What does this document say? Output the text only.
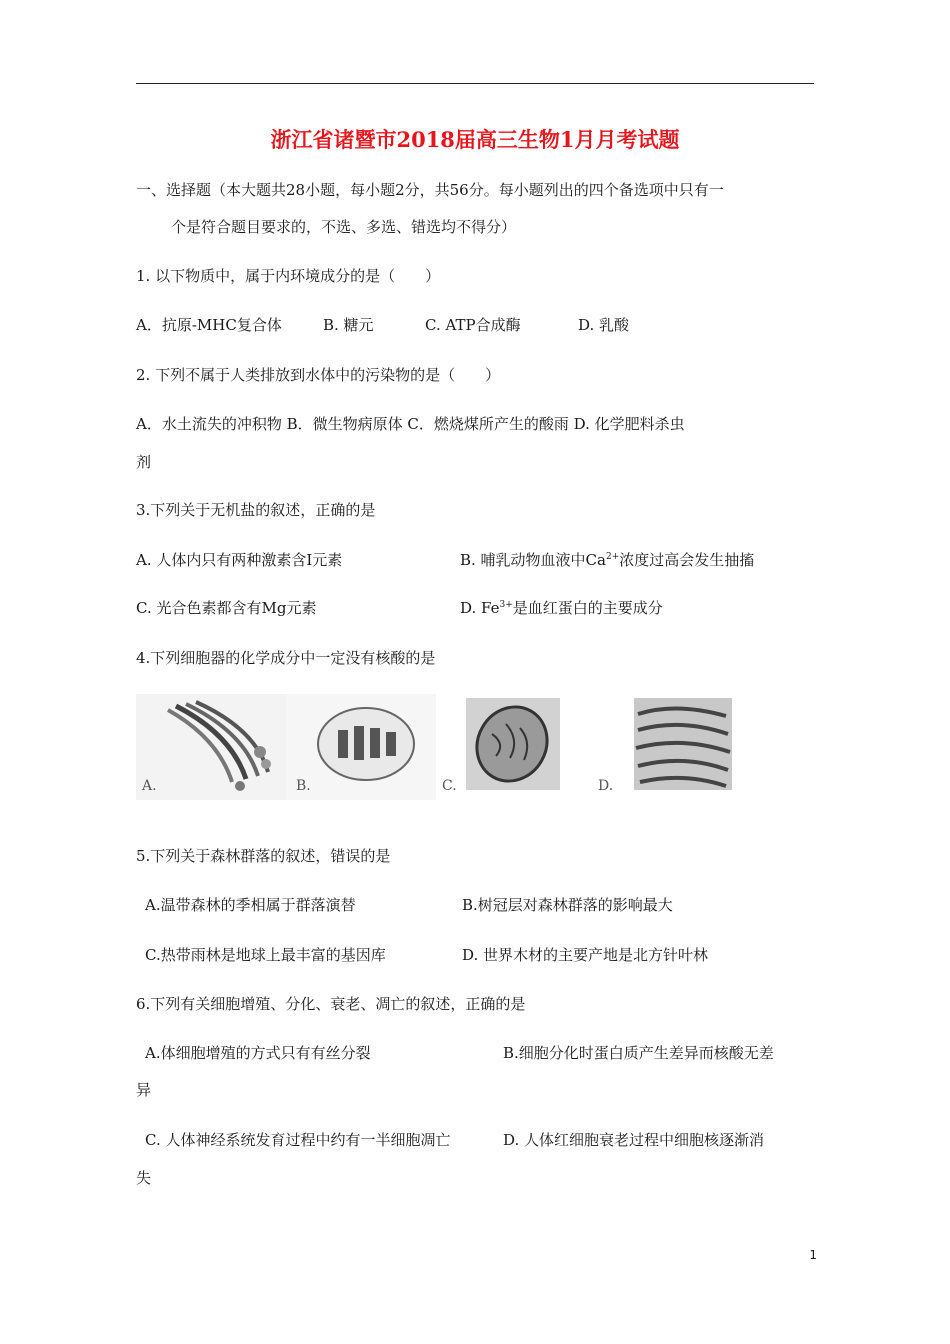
浙江省诸暨市2018届高三生物1月月考试题
一、选择题（本大题共28小题，每小题2分，共56分。每小题列出的四个备选项中只有一
个是符合题目要求的，不选、多选、错选均不得分）
1. 以下物质中，属于内环境成分的是（　　）
A．抗原-MHC复合体	B. 糖元	C. ATP合成酶	D. 乳酸
2. 下列不属于人类排放到水体中的污染物的是（　　）
A．水土流失的冲积物 B．微生物病原体 C．燃烧煤所产生的酸雨 D. 化学肥料杀虫
剂
3.下列关于无机盐的叙述，正确的是
A. 人体内只有两种激素含I元素	B. 哺乳动物血液中$Ca^{2+}$浓度过高会发生抽搐
C. 光合色素都含有Mg元素	D. $Fe^{3+}$是血红蛋白的主要成分
4.下列细胞器的化学成分中一定没有核酸的是
A.	B.	C.	D.
5.下列关于森林群落的叙述，错误的是
A.温带森林的季相属于群落演替	B.树冠层对森林群落的影响最大
C.热带雨林是地球上最丰富的基因库	D. 世界木材的主要产地是北方针叶林
6.下列有关细胞增殖、分化、衰老、凋亡的叙述，正确的是
A.体细胞增殖的方式只有有丝分裂	B.细胞分化时蛋白质产生差异而核酸无差
异
C. 人体神经系统发育过程中约有一半细胞凋亡	D. 人体红细胞衰老过程中细胞核逐渐消
失
1
